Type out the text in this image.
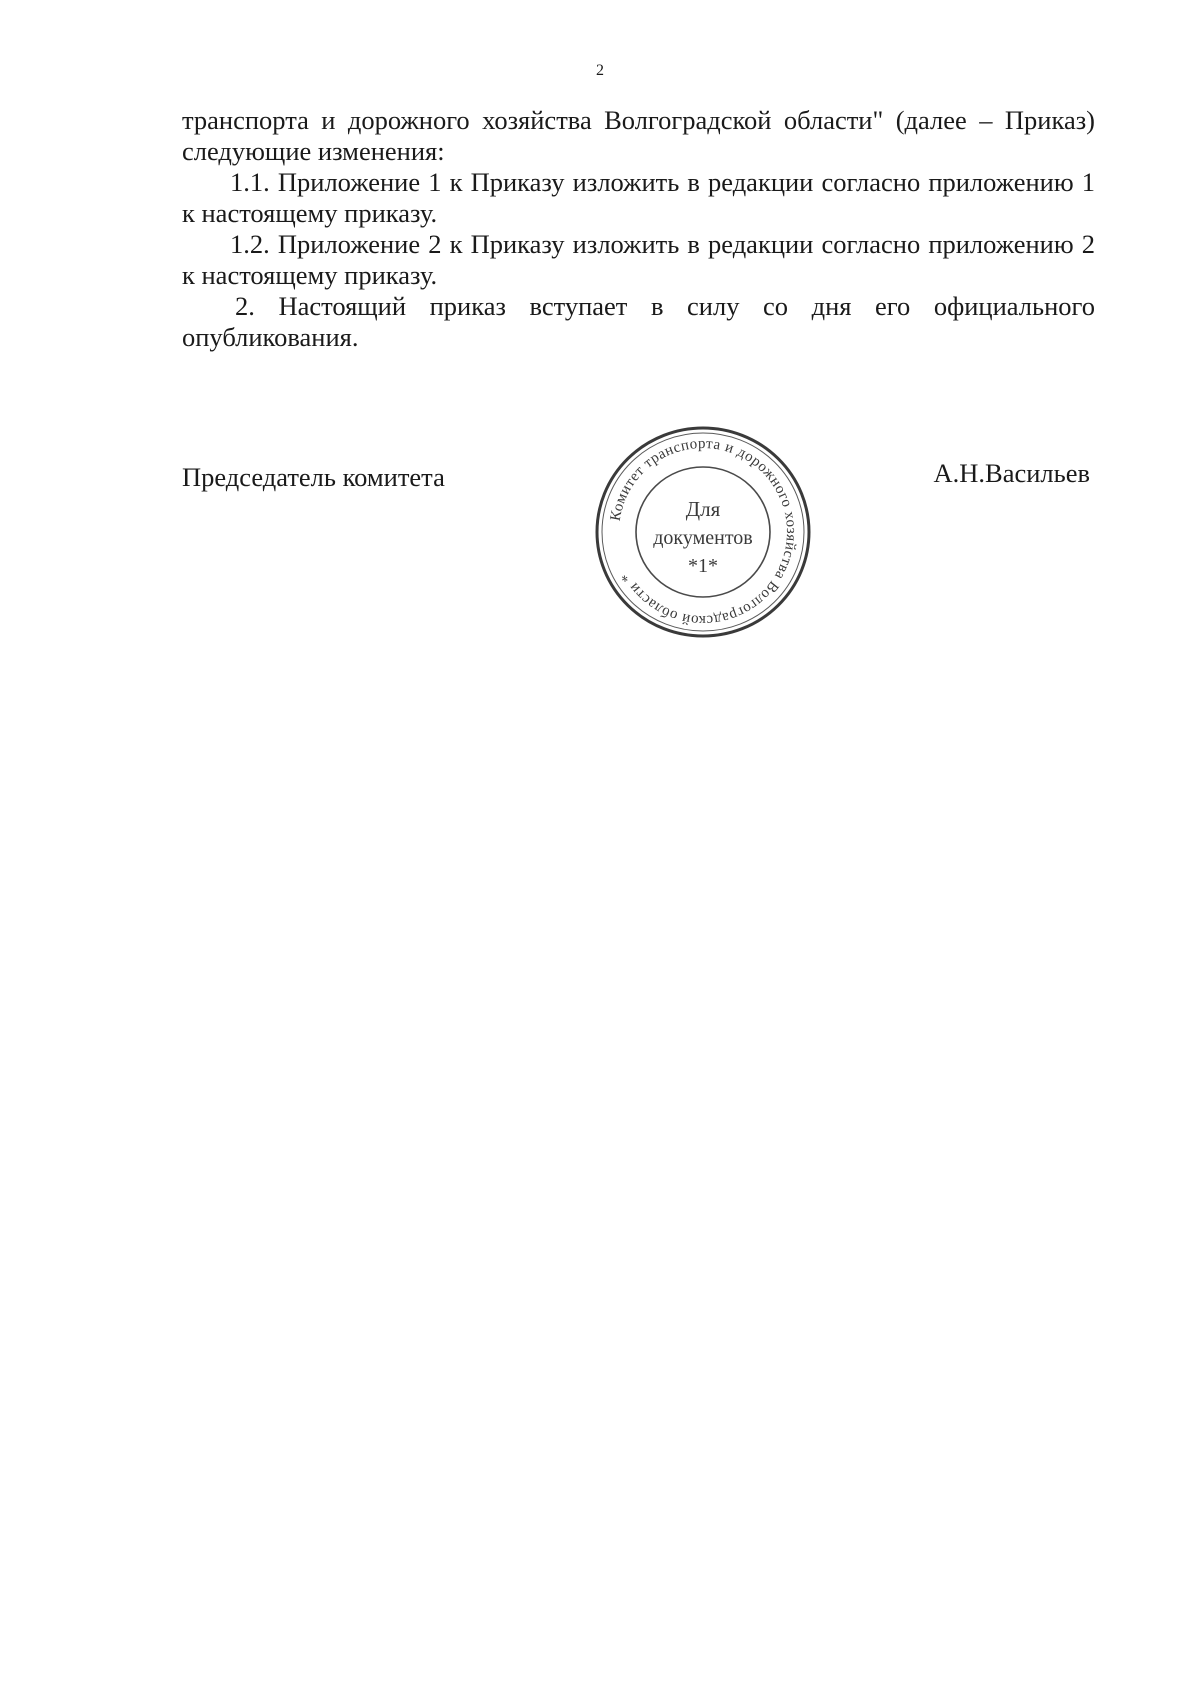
2

транспорта и дорожного хозяйства Волгоградской области" (далее – Приказ) следующие изменения:

1.1. Приложение 1 к Приказу изложить в редакции согласно приложению 1 к настоящему приказу.

1.2. Приложение 2 к Приказу изложить в редакции согласно приложению 2 к настоящему приказу.

2. Настоящий приказ вступает в силу со дня его официального опубликования.

Председатель комитета	А.Н.Васильев
Комитет транспорта и дорожного хозяйства Волгоградской области *
Для
документов
*1*
